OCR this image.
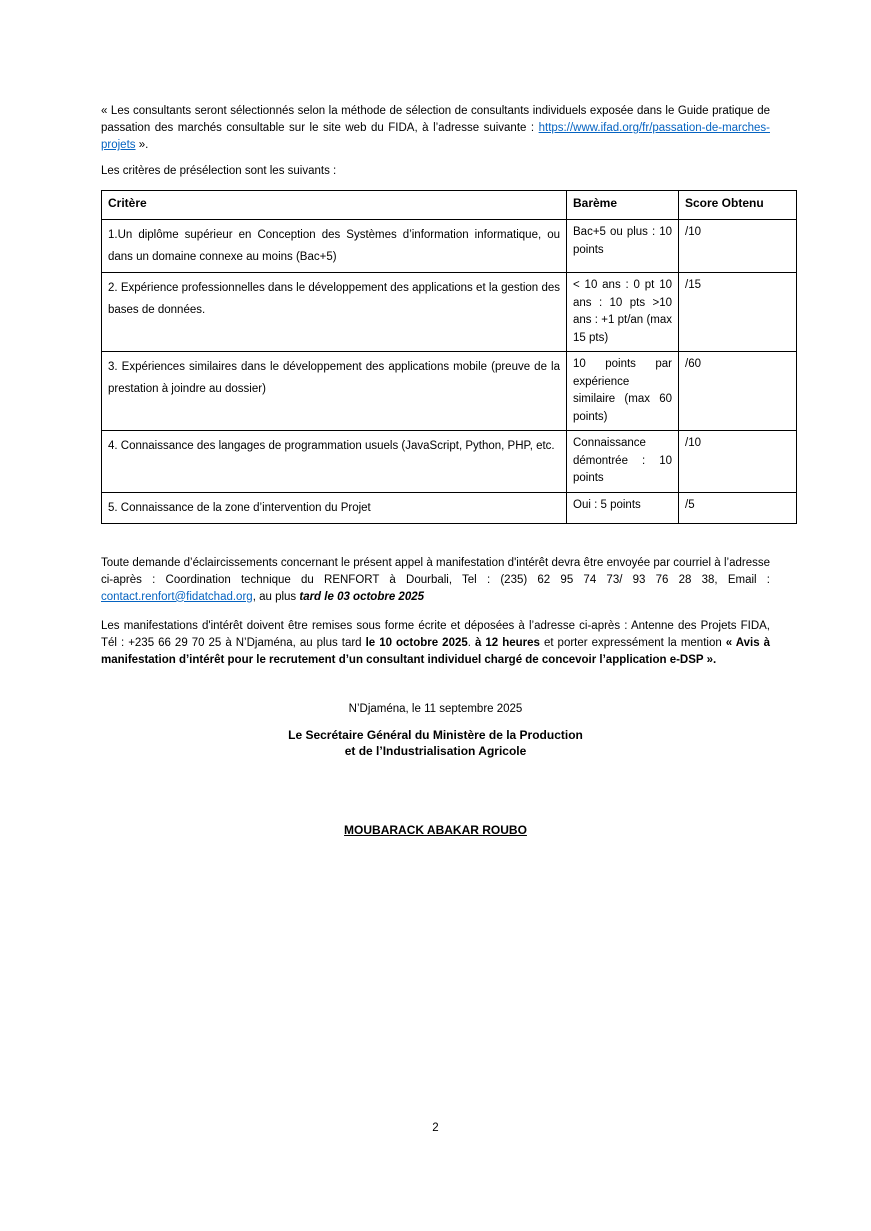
« Les consultants seront sélectionnés selon la méthode de sélection de consultants individuels exposée dans le Guide pratique de passation des marchés consultable sur le site web du FIDA, à l’adresse suivante : https://www.ifad.org/fr/passation-de-marches-projets ».

Les critères de présélection sont les suivants :

Critère	Barème	Score Obtenu
1.Un diplôme supérieur en Conception des Systèmes d’information informatique, ou dans un domaine connexe au moins (Bac+5)	Bac+5 ou plus : 10 points	/10
2. Expérience professionnelles dans le développement des applications et la gestion des bases de données.	< 10 ans : 0 pt 10 ans : 10 pts >10 ans : +1 pt/an (max 15 pts)	/15
3. Expériences similaires dans le développement des applications mobile (preuve de la prestation à joindre au dossier)	10 points par expérience similaire (max 60 points)	/60
4. Connaissance des langages de programmation usuels (JavaScript, Python, PHP, etc.	Connaissance démontrée : 10 points	/10
5. Connaissance de la zone d’intervention du Projet	Oui : 5 points	/5

Toute demande d’éclaircissements concernant le présent appel à manifestation d'intérêt devra être envoyée par courriel à l’adresse ci-après : Coordination technique du RENFORT à Dourbali, Tel : (235) 62 95 74 73/ 93 76 28 38, Email : contact.renfort@fidatchad.org, au plus tard le 03 octobre 2025

Les manifestations d'intérêt doivent être remises sous forme écrite et déposées à l’adresse ci-après : Antenne des Projets FIDA, Tél : +235 66 29 70 25 à N’Djaména, au plus tard le 10 octobre 2025. à 12 heures et porter expressément la mention « Avis à manifestation d’intérêt pour le recrutement d’un consultant individuel chargé de concevoir l’application e-DSP ».

N’Djaména, le 11 septembre 2025
Le Secrétaire Général du Ministère de la Production
et de l’Industrialisation Agricole
MOUBARACK ABAKAR ROUBO
2
